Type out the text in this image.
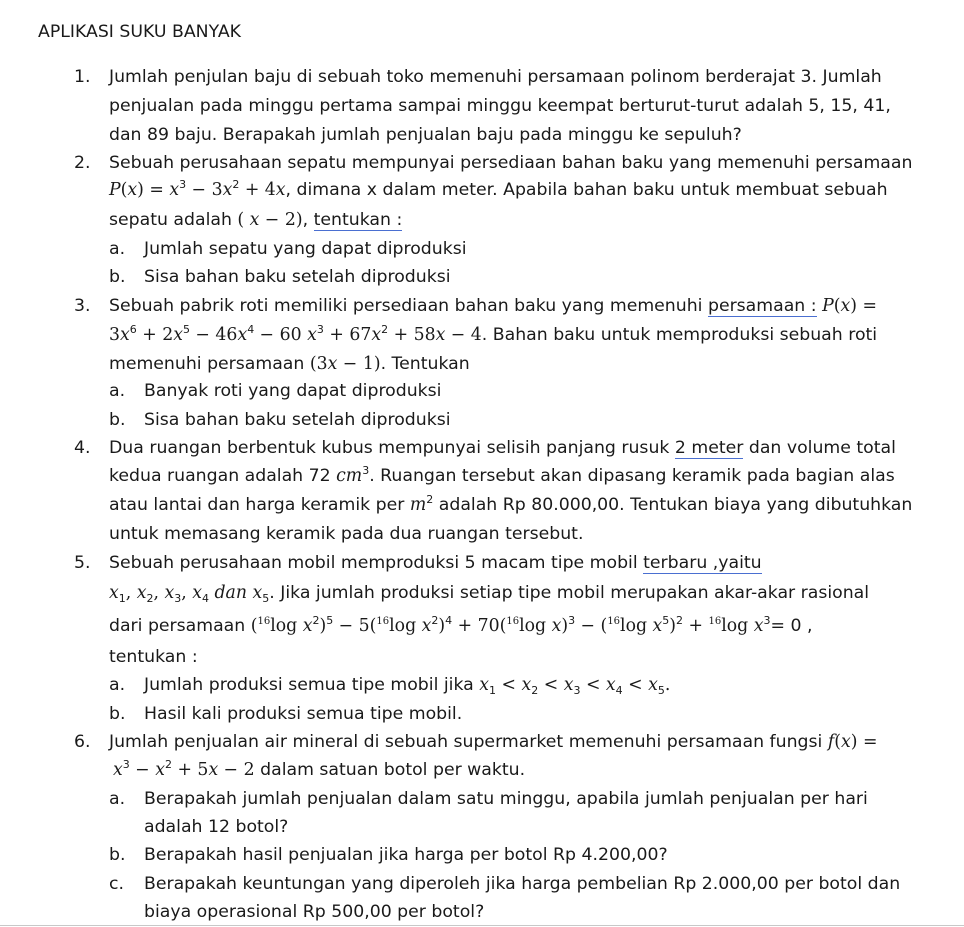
APLIKASI SUKU BANYAK
1. Jumlah penjulan baju di sebuah toko memenuhi persamaan polinom berderajat 3. Jumlah
penjualan pada minggu pertama sampai minggu keempat berturut-turut adalah 5, 15, 41,
dan 89 baju. Berapakah jumlah penjualan baju pada minggu ke sepuluh?
2. Sebuah perusahaan sepatu mempunyai persediaan bahan baku yang memenuhi persamaan
$P(x) = x^3 - 3x^2 + 4x$, dimana x dalam meter. Apabila bahan baku untuk membuat sebuah
sepatu adalah ( x − 2), tentukan :
a. Jumlah sepatu yang dapat diproduksi
b. Sisa bahan baku setelah diproduksi
3. Sebuah pabrik roti memiliki persediaan bahan baku yang memenuhi persamaan : P(x) =
$3x^6 + 2x^5 - 46x^4 - 60$ $x^3 + 67x^2 + 58x - 4$. Bahan baku untuk memproduksi sebuah roti
memenuhi persamaan (3x − 1). Tentukan
a. Banyak roti yang dapat diproduksi
b. Sisa bahan baku setelah diproduksi
4. Dua ruangan berbentuk kubus mempunyai selisih panjang rusuk 2 meter dan volume total
kedua ruangan adalah 72 $cm^3$. Ruangan tersebut akan dipasang keramik pada bagian alas
atau lantai dan harga keramik per $m^2$ adalah Rp 80.000,00. Tentukan biaya yang dibutuhkan
untuk memasang keramik pada dua ruangan tersebut.
5. Sebuah perusahaan mobil memproduksi 5 macam tipe mobil terbaru ,yaitu
$x_1$, $x_2$, $x_3$, $x_4$ dan $x_5$. Jika jumlah produksi setiap tipe mobil merupakan akar-akar rasional
dari persamaan ($^{16}$log $x^2)^5 - 5(^{16}\log$ $x^2)^4 + 70(^{16}\log$ x)$^3$ − ($^{16}$log $x^5)^2 + ^{16}\log$ $x^3= 0$ ,
tentukan :
a. Jumlah produksi semua tipe mobil jika $x_1 < x_2 < x_3 < x_4 < x_5$.
b. Hasil kali produksi semua tipe mobil.
6. Jumlah penjualan air mineral di sebuah supermarket memenuhi persamaan fungsi f(x) =
$x^3 - x^2 + 5x - 2$ dalam satuan botol per waktu.
a. Berapakah jumlah penjualan dalam satu minggu, apabila jumlah penjualan per hari
adalah 12 botol?
b. Berapakah hasil penjualan jika harga per botol Rp 4.200,00?
c. Berapakah keuntungan yang diperoleh jika harga pembelian Rp 2.000,00 per botol dan
biaya operasional Rp 500,00 per botol?
